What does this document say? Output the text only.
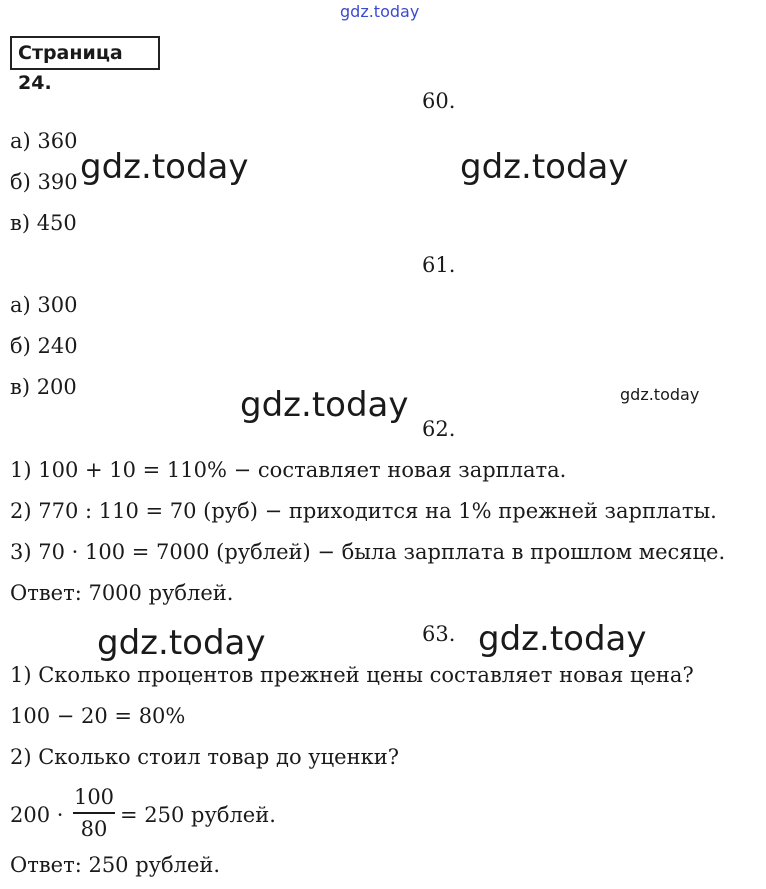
gdz.today
gdz.today	gdz.today
gdz.today	gdz.today
gdz.today	gdz.today
Страница 24.
60.
а) 360
б) 390
в) 450
61.
а) 300
б) 240
в) 200
62.
1) 100 + 10 = 110% − составляет новая зарплата.
2) 770 : 110 = 70 (руб) − приходится на 1% прежней зарплаты.
3) 70 · 100 = 7000 (рублей) − была зарплата в прошлом месяце.
Ответ: 7000 рублей.
63.
1) Сколько процентов прежней цены составляет новая цена?
100 − 20 = 80%
2) Сколько стоил товар до уценки?
200 ·
100
80
= 250 рублей.
Ответ: 250 рублей.
